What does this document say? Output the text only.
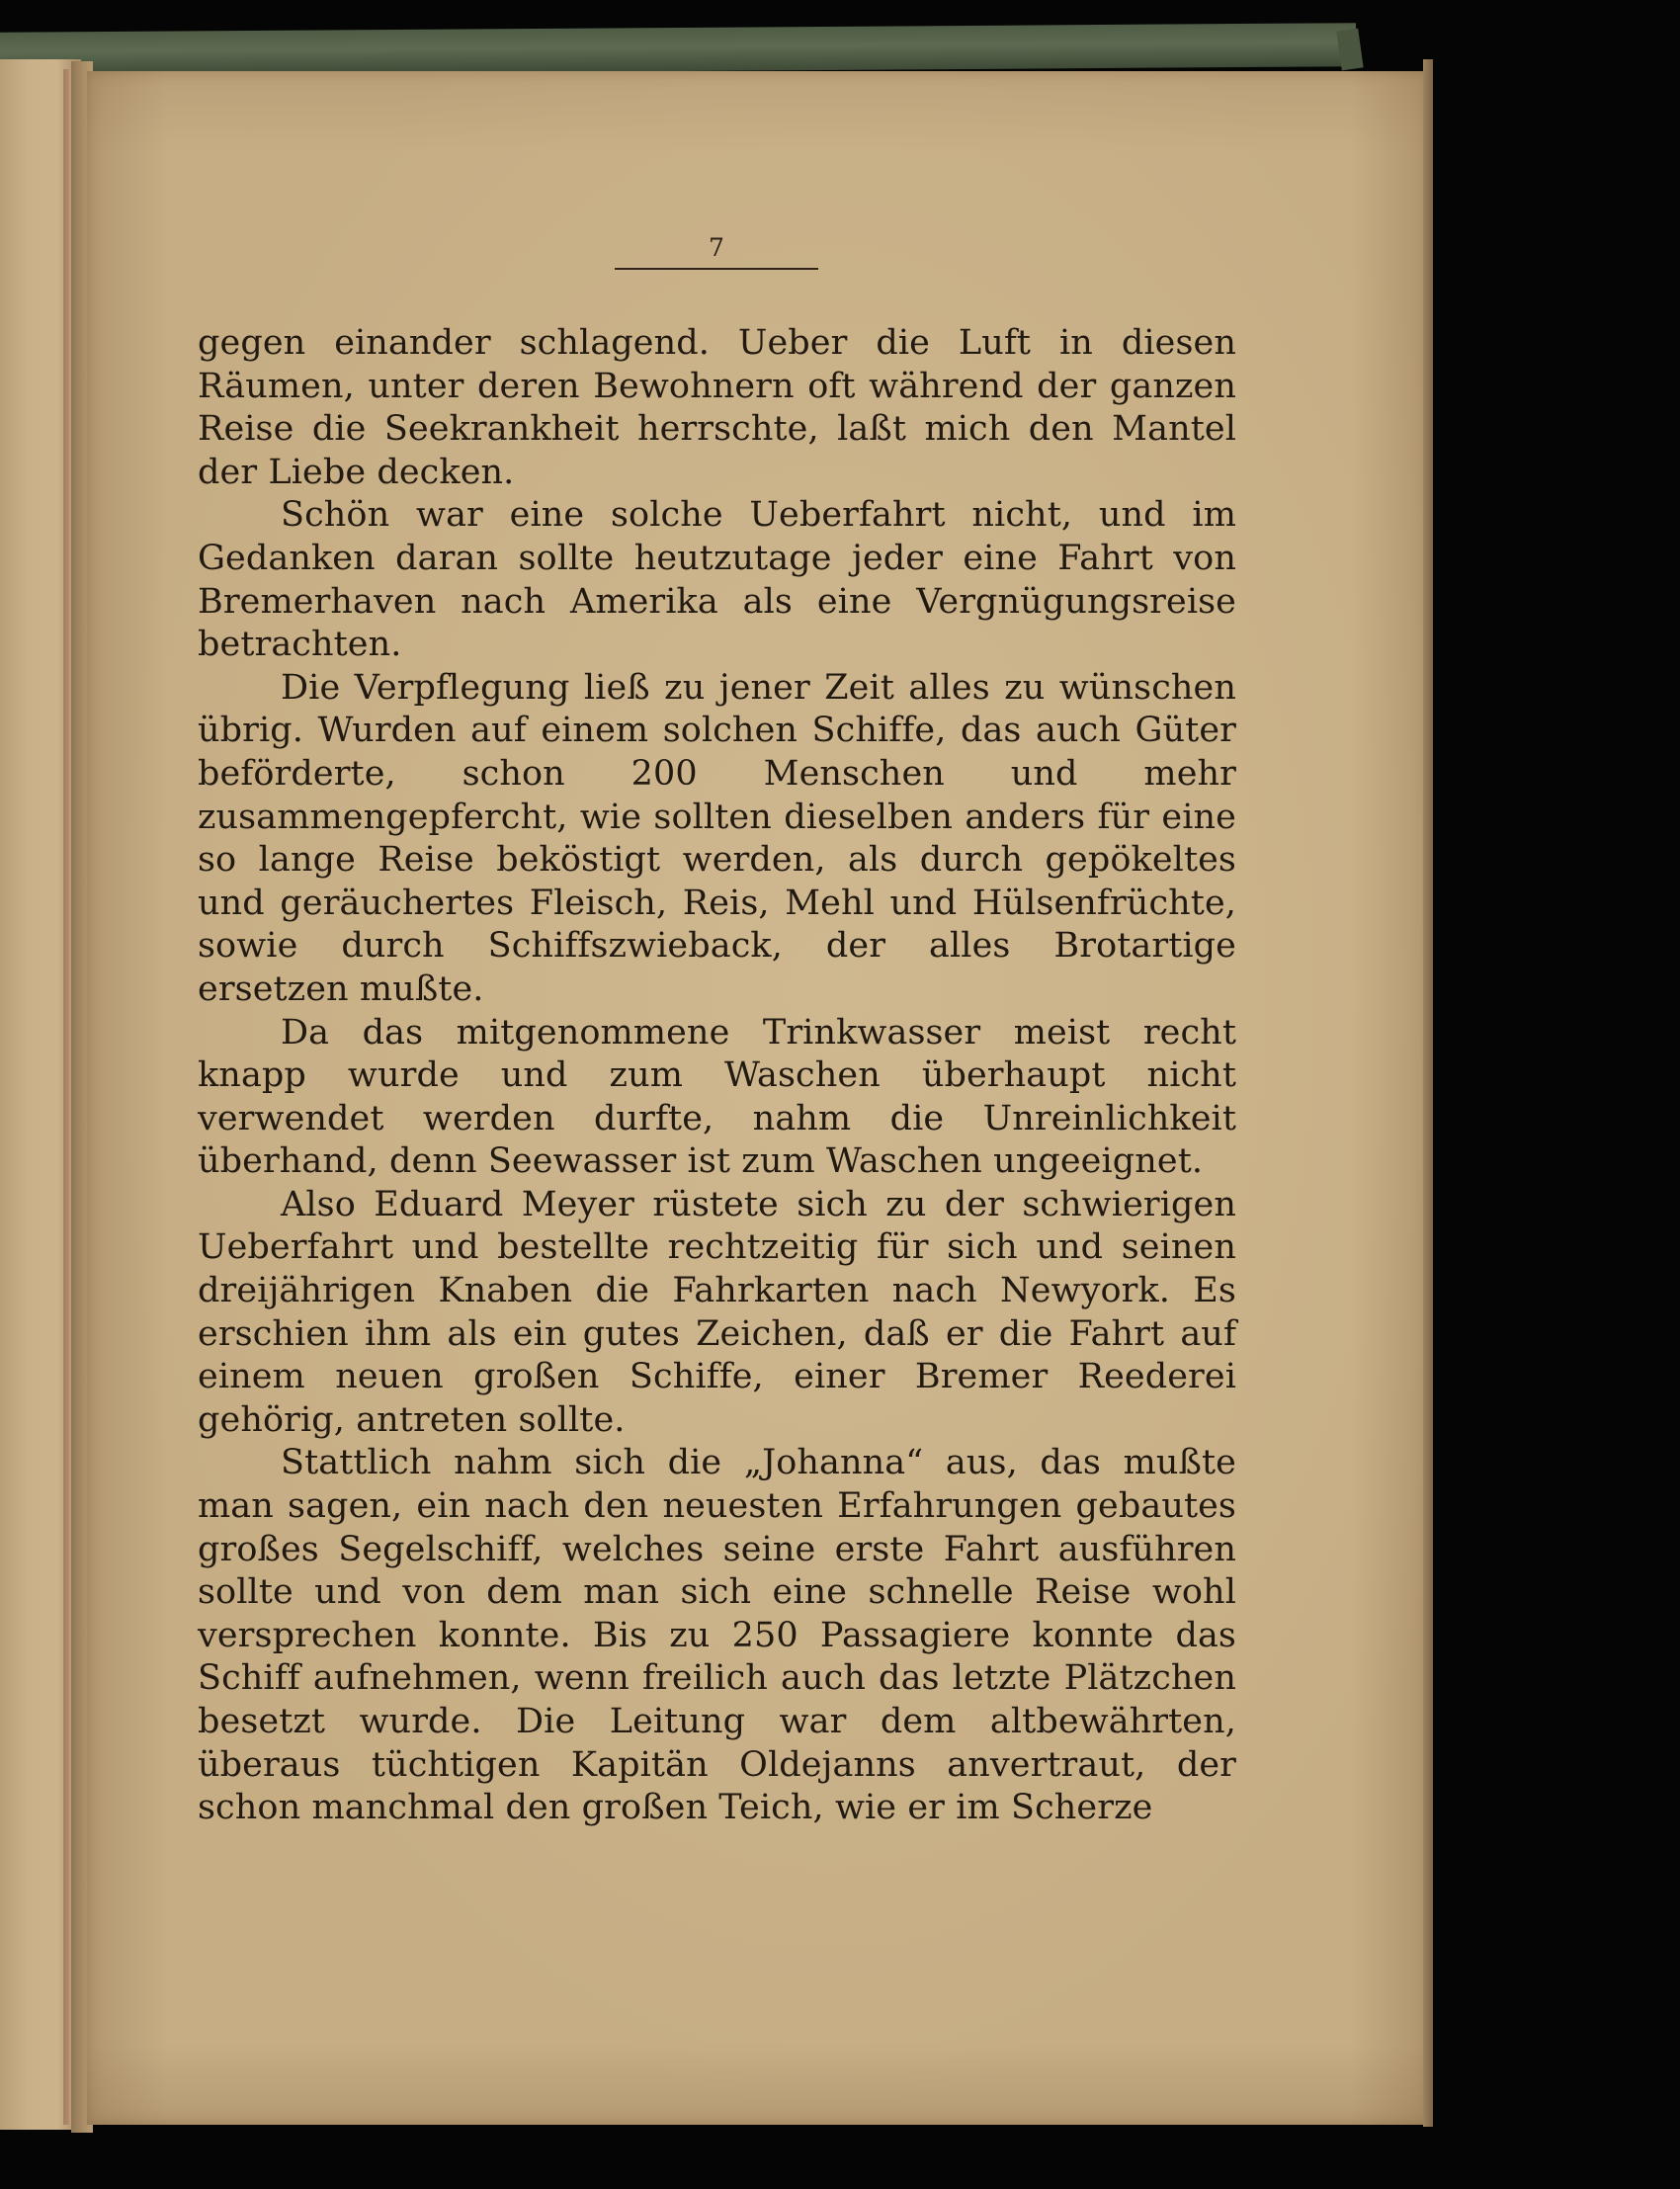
7

gegen einander schlagend. Ueber die Luft in diesen Räumen, unter deren Bewohnern oft während der ganzen Reise die Seekrankheit herrschte, laßt mich den Mantel der Liebe decken.

Schön war eine solche Ueberfahrt nicht, und im Gedanken daran sollte heutzutage jeder eine Fahrt von Bremerhaven nach Amerika als eine Vergnügungsreise betrachten.

Die Verpflegung ließ zu jener Zeit alles zu wünschen übrig. Wurden auf einem solchen Schiffe, das auch Güter beförderte, schon 200 Menschen und mehr zusammengepfercht, wie sollten dieselben anders für eine so lange Reise beköstigt werden, als durch gepökeltes und geräuchertes Fleisch, Reis, Mehl und Hülsenfrüchte, sowie durch Schiffszwieback, der alles Brotartige ersetzen mußte.

Da das mitgenommene Trinkwasser meist recht knapp wurde und zum Waschen überhaupt nicht verwendet werden durfte, nahm die Unreinlichkeit überhand, denn Seewasser ist zum Waschen ungeeignet.

Also Eduard Meyer rüstete sich zu der schwierigen Ueberfahrt und bestellte rechtzeitig für sich und seinen dreijährigen Knaben die Fahrkarten nach Newyork. Es erschien ihm als ein gutes Zeichen, daß er die Fahrt auf einem neuen großen Schiffe, einer Bremer Reederei gehörig, antreten sollte.

Stattlich nahm sich die „Johanna“ aus, das mußte man sagen, ein nach den neuesten Erfahrungen gebautes großes Segelschiff, welches seine erste Fahrt ausführen sollte und von dem man sich eine schnelle Reise wohl versprechen konnte. Bis zu 250 Passagiere konnte das Schiff aufnehmen, wenn freilich auch das letzte Plätzchen besetzt wurde. Die Leitung war dem altbewährten, überaus tüchtigen Kapitän Oldejanns anvertraut, der schon manchmal den großen Teich, wie er im Scherze
